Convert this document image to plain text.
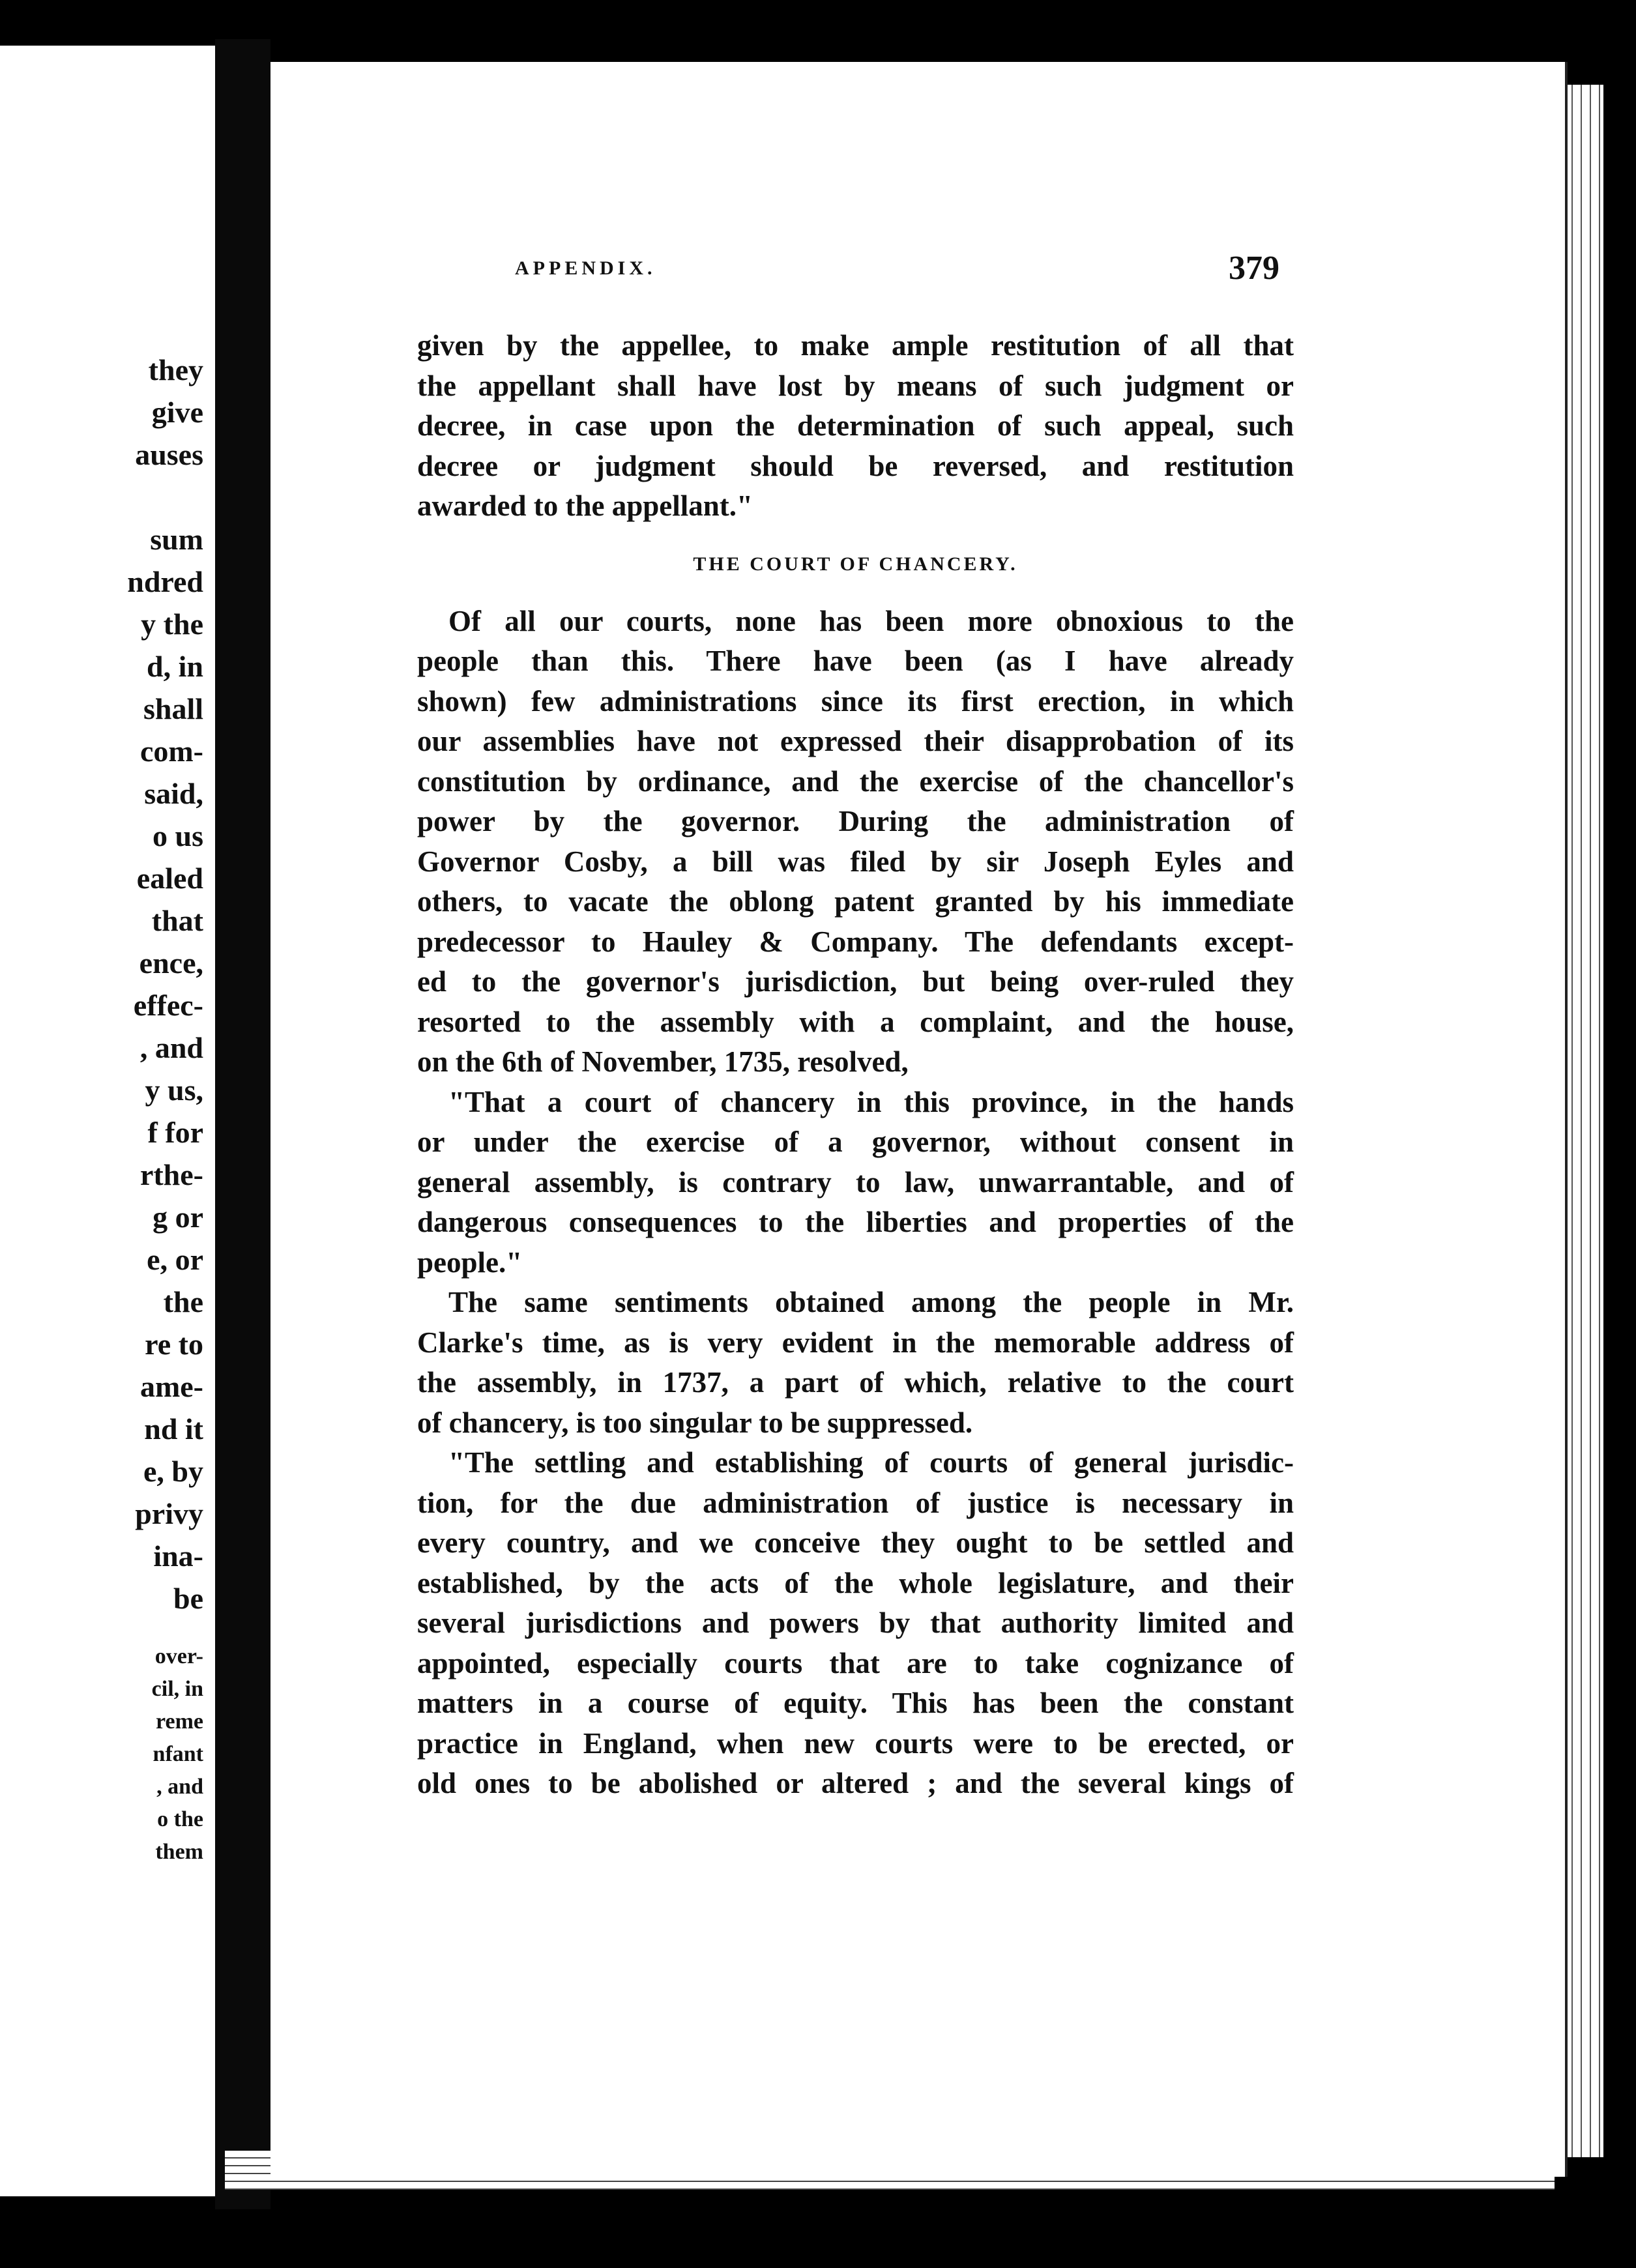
they
give
auses
sum
ndred
y the
d, in
shall
com-
said,
o us
ealed
that
ence,
effec-
, and
y us,
f for
rthe-
g or
e, or
the
re to
ame-
nd it
e, by
privy
ina-
be
over-
cil, in
reme
nfant
, and
o the
them
APPENDIX.	379
given by the appellee, to make ample restitution of all that
the appellant shall have lost by means of such judgment or
decree, in case upon the determination of such appeal, such
decree or judgment should be reversed, and restitution
awarded to the appellant."
THE COURT OF CHANCERY.
Of all our courts, none has been more obnoxious to the
people than this. There have been (as I have already
shown) few administrations since its first erection, in which
our assemblies have not expressed their disapprobation of its
constitution by ordinance, and the exercise of the chancellor's
power by the governor. During the administration of
Governor Cosby, a bill was filed by sir Joseph Eyles and
others, to vacate the oblong patent granted by his immediate
predecessor to Hauley & Company. The defendants except-
ed to the governor's jurisdiction, but being over-ruled they
resorted to the assembly with a complaint, and the house,
on the 6th of November, 1735, resolved,
"That a court of chancery in this province, in the hands
or under the exercise of a governor, without consent in
general assembly, is contrary to law, unwarrantable, and of
dangerous consequences to the liberties and properties of the
people."
The same sentiments obtained among the people in Mr.
Clarke's time, as is very evident in the memorable address of
the assembly, in 1737, a part of which, relative to the court
of chancery, is too singular to be suppressed.
"The settling and establishing of courts of general jurisdic-
tion, for the due administration of justice is necessary in
every country, and we conceive they ought to be settled and
established, by the acts of the whole legislature, and their
several jurisdictions and powers by that authority limited and
appointed, especially courts that are to take cognizance of
matters in a course of equity. This has been the constant
practice in England, when new courts were to be erected, or
old ones to be abolished or altered ; and the several kings of
